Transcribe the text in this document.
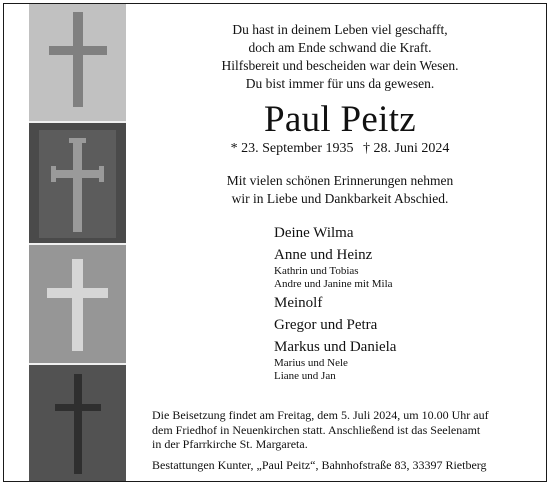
Du hast in deinem Leben viel geschafft,
doch am Ende schwand die Kraft.
Hilfsbereit und bescheiden war dein Wesen.
Du bist immer für uns da gewesen.
Paul Peitz
* 23. September 1935 † 28. Juni 2024
Mit vielen schönen Erinnerungen nehmen
wir in Liebe und Dankbarkeit Abschied.
Deine Wilma
Anne und Heinz
Kathrin und Tobias
Andre und Janine mit Mila
Meinolf
Gregor und Petra
Markus und Daniela
Marius und Nele
Liane und Jan
Die Beisetzung findet am Freitag, dem 5. Juli 2024, um 10.00 Uhr auf
dem Friedhof in Neuenkirchen statt. Anschließend ist das Seelenamt
in der Pfarrkirche St. Margareta.
Bestattungen Kunter, „Paul Peitz“, Bahnhofstraße 83, 33397 Rietberg
